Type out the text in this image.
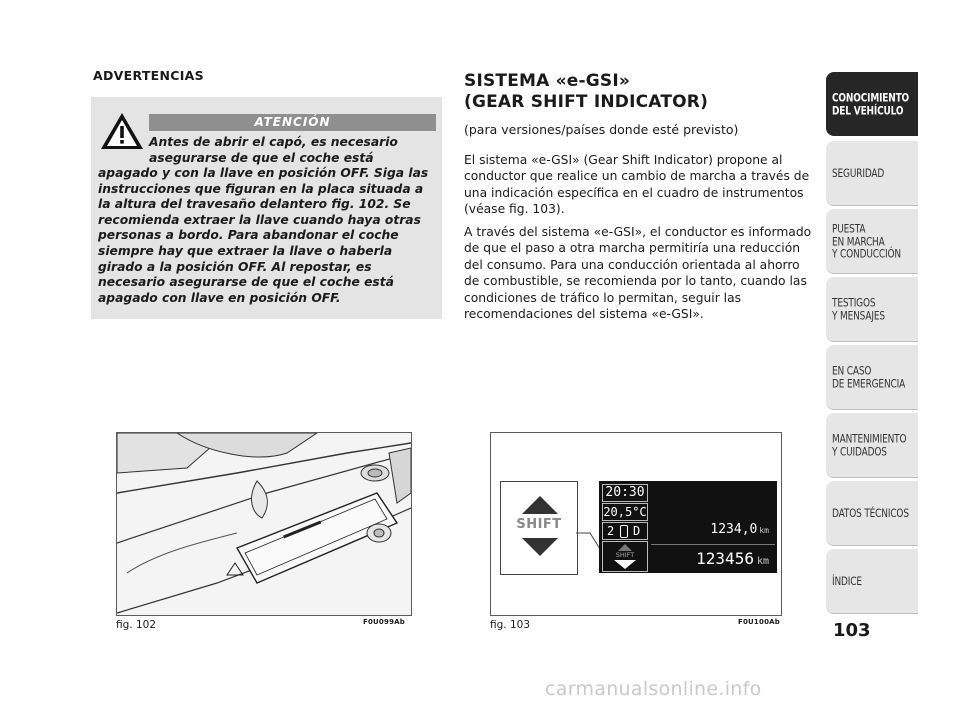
ADVERTENCIAS
ATENCIÓN
Antes de abrir el capó, es necesario asegurarse de que el coche está
apagado y con la llave en posición OFF. Siga las instrucciones que figuran en la placa situada a la altura del travesaño delantero fig. 102. Se recomienda extraer la llave cuando haya otras personas a bordo. Para abandonar el coche siempre hay que extraer la llave o haberla girado a la posición OFF. Al repostar, es necesario asegurarse de que el coche está apagado con llave en posición OFF.
fig. 102	F0U099Ab
SISTEMA «e-GSI»
(GEAR SHIFT INDICATOR)
(para versiones/países donde esté previsto)
El sistema «e-GSI» (Gear Shift Indicator) propone al conductor que realice un cambio de marcha a través de una indicación específica en el cuadro de instrumentos (véase fig. 103).
A través del sistema «e-GSI», el conductor es informado de que el paso a otra marcha permitiría una reducción del consumo. Para una conducción orientada al ahorro de combustible, se recomienda por lo tanto, cuando las condiciones de tráfico lo permitan, seguir las recomendaciones del sistema «e-GSI».
SHIFT
20:30
20,5°C
2 D
SHIFT
1234,0 km
123456 km
fig. 103	F0U100Ab
CONOCIMIENTO
DEL VEHÍCULO
SEGURIDAD
PUESTA
EN MARCHA
Y CONDUCCIÓN
TESTIGOS
Y MENSAJES
EN CASO
DE EMERGENCIA
MANTENIMIENTO
Y CUIDADOS
DATOS TÉCNICOS
ÍNDICE
103
carmanualsonline.info
